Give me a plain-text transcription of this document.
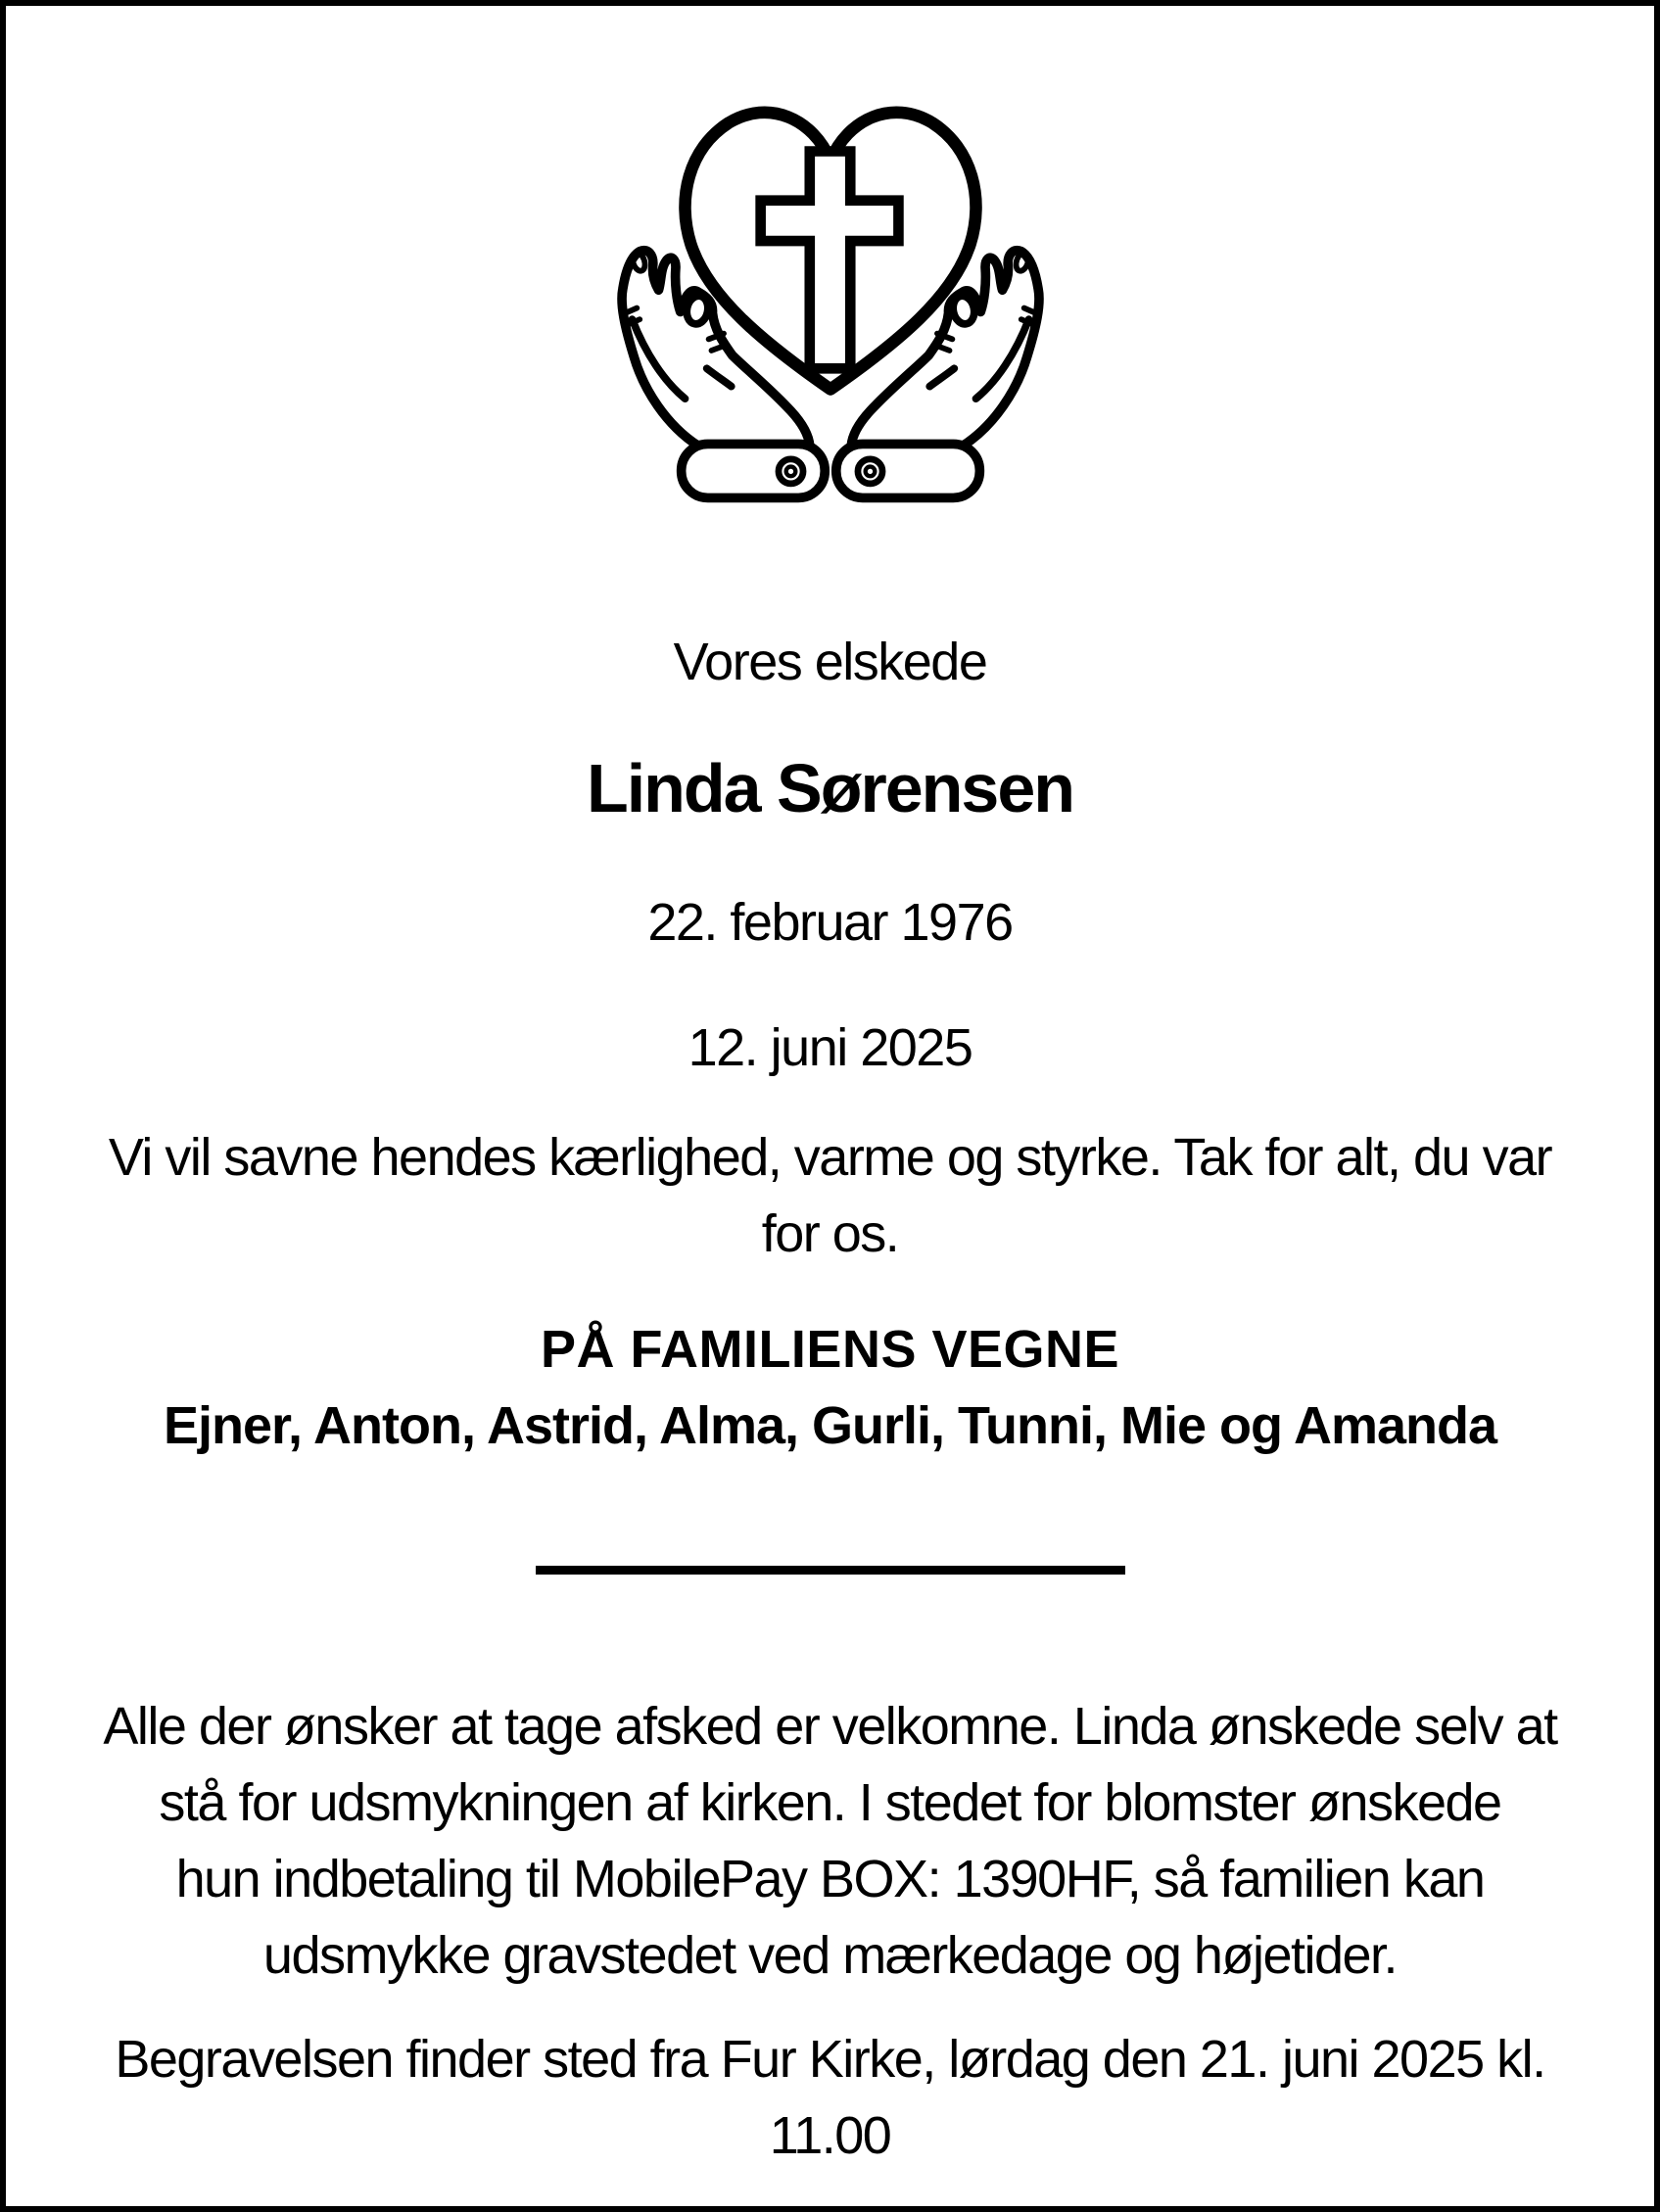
Vores elskede
Linda Sørensen
22. februar 1976
12. juni 2025

Vi vil savne hendes kærlighed, varme og styrke. Tak for alt, du var
for os.

PÅ FAMILIENS VEGNE
Ejner, Anton, Astrid, Alma, Gurli, Tunni, Mie og Amanda

Alle der ønsker at tage afsked er velkomne. Linda ønskede selv at
stå for udsmykningen af kirken. I stedet for blomster ønskede
hun indbetaling til MobilePay BOX: 1390HF, så familien kan
udsmykke gravstedet ved mærkedage og højetider.

Begravelsen finder sted fra Fur Kirke, lørdag den 21. juni 2025 kl.
11.00
